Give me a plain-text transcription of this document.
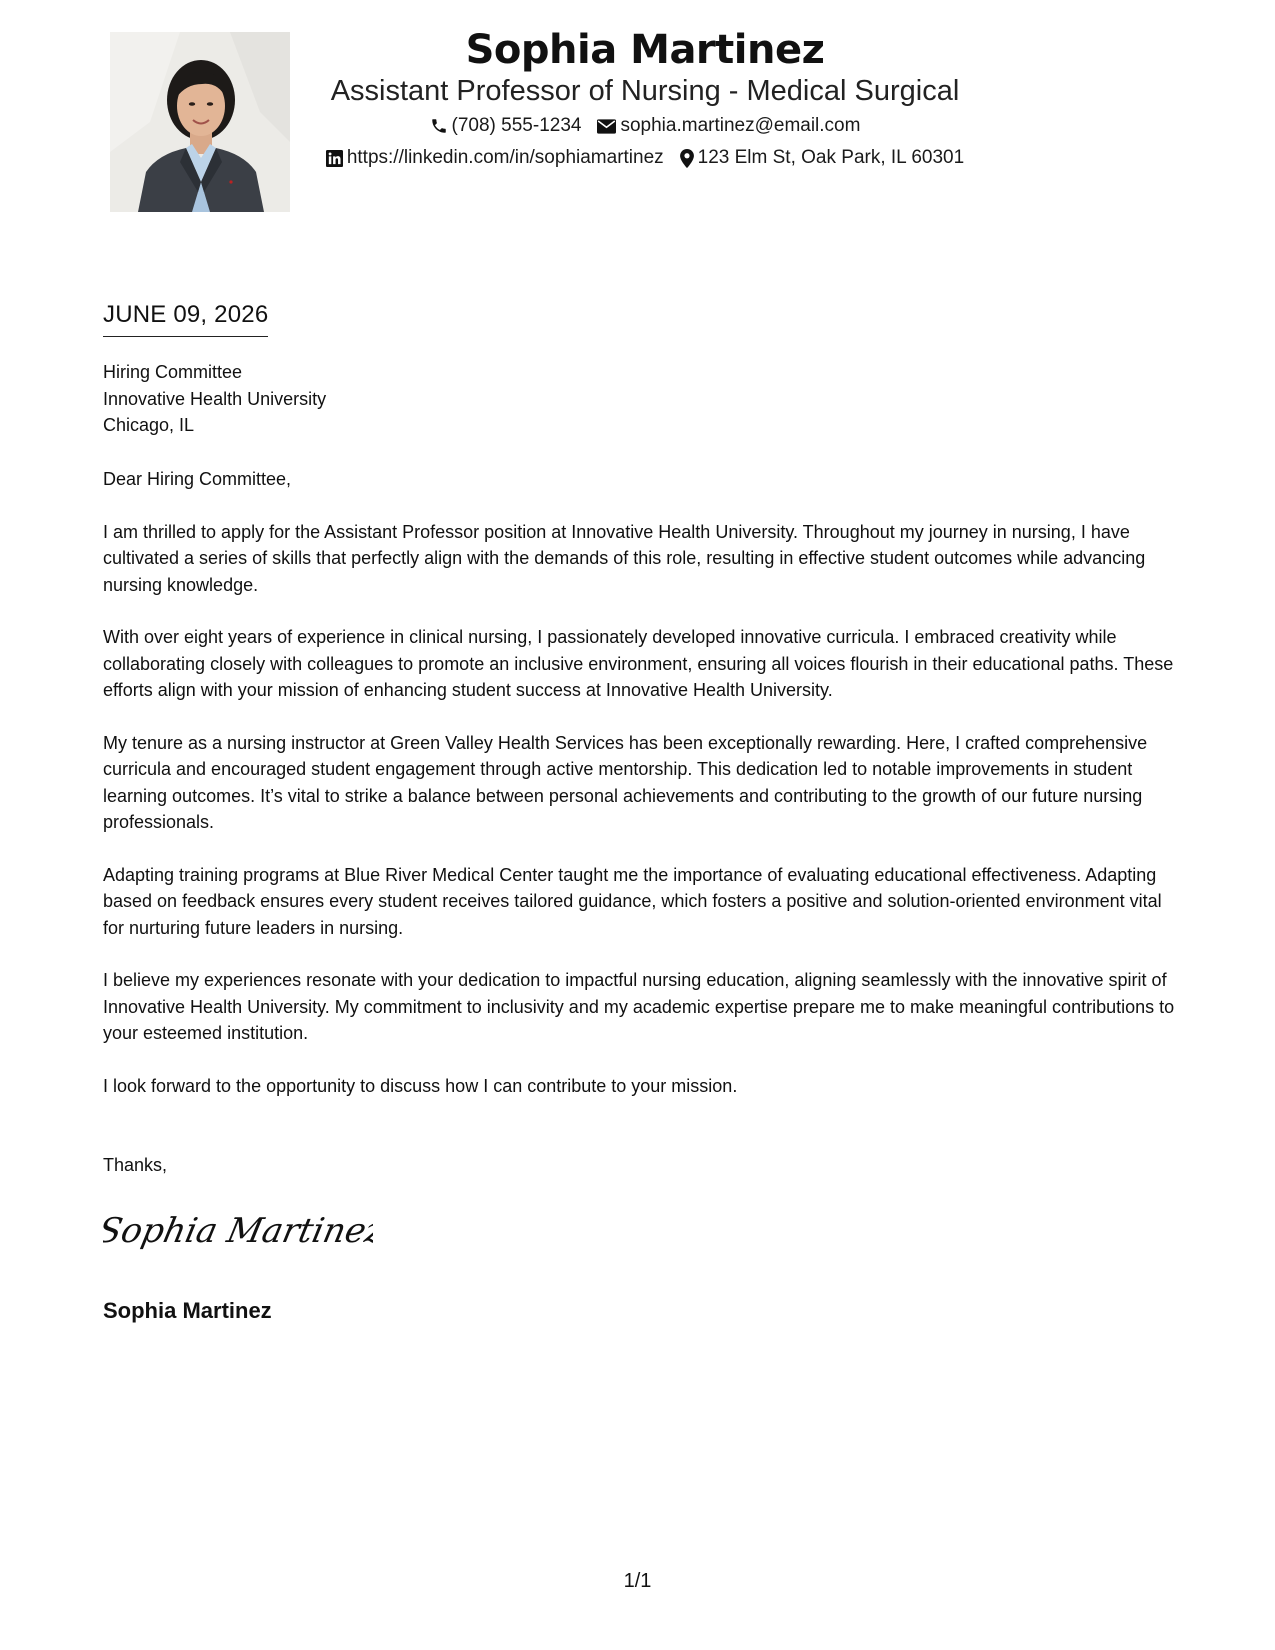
Sophia Martinez
Assistant Professor of Nursing - Medical Surgical
(708) 555-1234 sophia.martinez@email.com
https://linkedin.com/in/sophiamartinez 123 Elm St, Oak Park, IL 60301
JUNE 09, 2026
Hiring Committee
Innovative Health University
Chicago, IL

Dear Hiring Committee,

I am thrilled to apply for the Assistant Professor position at Innovative Health University. Throughout my journey in nursing, I have cultivated a series of skills that perfectly align with the demands of this role, resulting in effective student outcomes while advancing nursing knowledge.

With over eight years of experience in clinical nursing, I passionately developed innovative curricula. I embraced creativity while collaborating closely with colleagues to promote an inclusive environment, ensuring all voices flourish in their educational paths. These efforts align with your mission of enhancing student success at Innovative Health University.

My tenure as a nursing instructor at Green Valley Health Services has been exceptionally rewarding. Here, I crafted comprehensive curricula and encouraged student engagement through active mentorship. This dedication led to notable improvements in student learning outcomes. It’s vital to strike a balance between personal achievements and contributing to the growth of our future nursing professionals.

Adapting training programs at Blue River Medical Center taught me the importance of evaluating educational effectiveness. Adapting based on feedback ensures every student receives tailored guidance, which fosters a positive and solution-oriented environment vital for nurturing future leaders in nursing.

I believe my experiences resonate with your dedication to impactful nursing education, aligning seamlessly with the innovative spirit of Innovative Health University. My commitment to inclusivity and my academic expertise prepare me to make meaningful contributions to your esteemed institution.

I look forward to the opportunity to discuss how I can contribute to your mission.

Thanks,
Sophia Martinez
Sophia Martinez
1/1
